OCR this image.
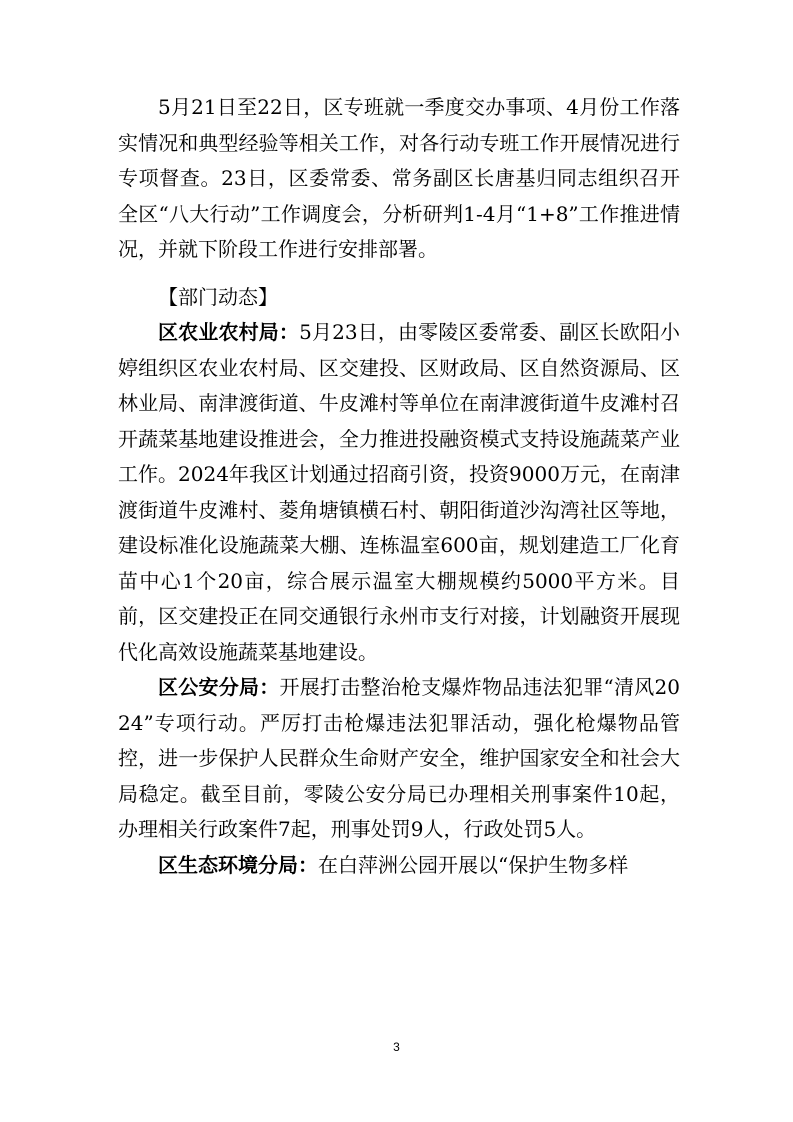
5月21日至22日，区专班就一季度交办事项、4月份工作落实情况和典型经验等相关工作，对各行动专班工作开展情况进行专项督查。23日，区委常委、常务副区长唐基归同志组织召开全区“八大行动”工作调度会，分析研判1-4月“1+8”工作推进情况，并就下阶段工作进行安排部署。

【部门动态】

区农业农村局：5月23日，由零陵区委常委、副区长欧阳小婷组织区农业农村局、区交建投、区财政局、区自然资源局、区林业局、南津渡街道、牛皮滩村等单位在南津渡街道牛皮滩村召开蔬菜基地建设推进会，全力推进投融资模式支持设施蔬菜产业工作。2024年我区计划通过招商引资，投资9000万元，在南津渡街道牛皮滩村、菱角塘镇横石村、朝阳街道沙沟湾社区等地，建设标准化设施蔬菜大棚、连栋温室600亩，规划建造工厂化育苗中心1个20亩，综合展示温室大棚规模约5000平方米。目前，区交建投正在同交通银行永州市支行对接，计划融资开展现代化高效设施蔬菜基地建设。

区公安分局：开展打击整治枪支爆炸物品违法犯罪“清风2024”专项行动。严厉打击枪爆违法犯罪活动，强化枪爆物品管控，进一步保护人民群众生命财产安全，维护国家安全和社会大局稳定。截至目前，零陵公安分局已办理相关刑事案件10起，办理相关行政案件7起，刑事处罚9人，行政处罚5人。

区生态环境分局：在白萍洲公园开展以“保护生物多样

3
